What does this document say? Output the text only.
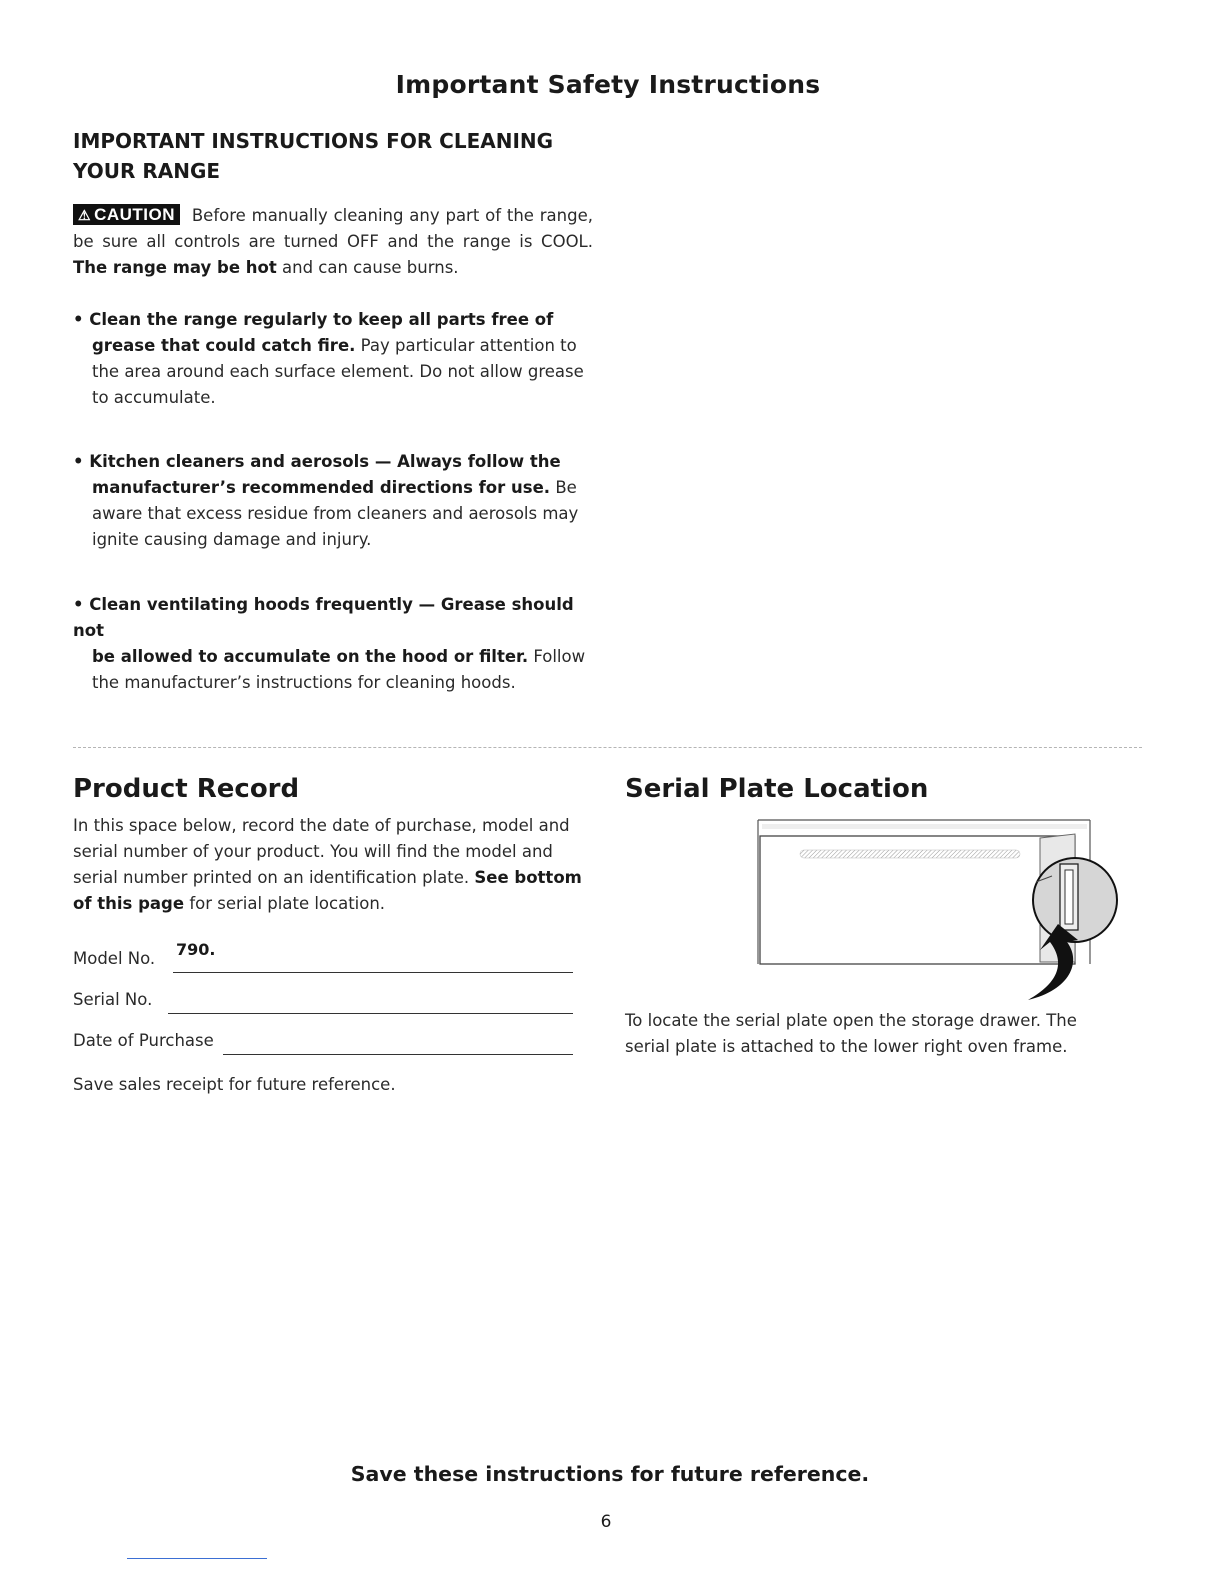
Important Safety Instructions
IMPORTANT INSTRUCTIONS FOR CLEANING
YOUR RANGE
⚠ CAUTION Before manually cleaning any part of the range, be sure all controls are turned OFF and the range is COOL. The range may be hot and can cause burns.
• Clean the range regularly to keep all parts free of
grease that could catch fire. Pay particular attention to the area around each surface element. Do not allow grease to accumulate.
• Kitchen cleaners and aerosols — Always follow the
manufacturer’s recommended directions for use. Be aware that excess residue from cleaners and aerosols may ignite causing damage and injury.
• Clean ventilating hoods frequently — Grease should not
be allowed to accumulate on the hood or filter. Follow the manufacturer’s instructions for cleaning hoods.
Product Record
In this space below, record the date of purchase, model and serial number of your product. You will find the model and serial number printed on an identification plate. See bottom of this page for serial plate location.
Model No. 790.
Serial No.
Date of Purchase
Save sales receipt for future reference.
Serial Plate Location
To locate the serial plate open the storage drawer. The serial plate is attached to the lower right oven frame.
Save these instructions for future reference.
6
